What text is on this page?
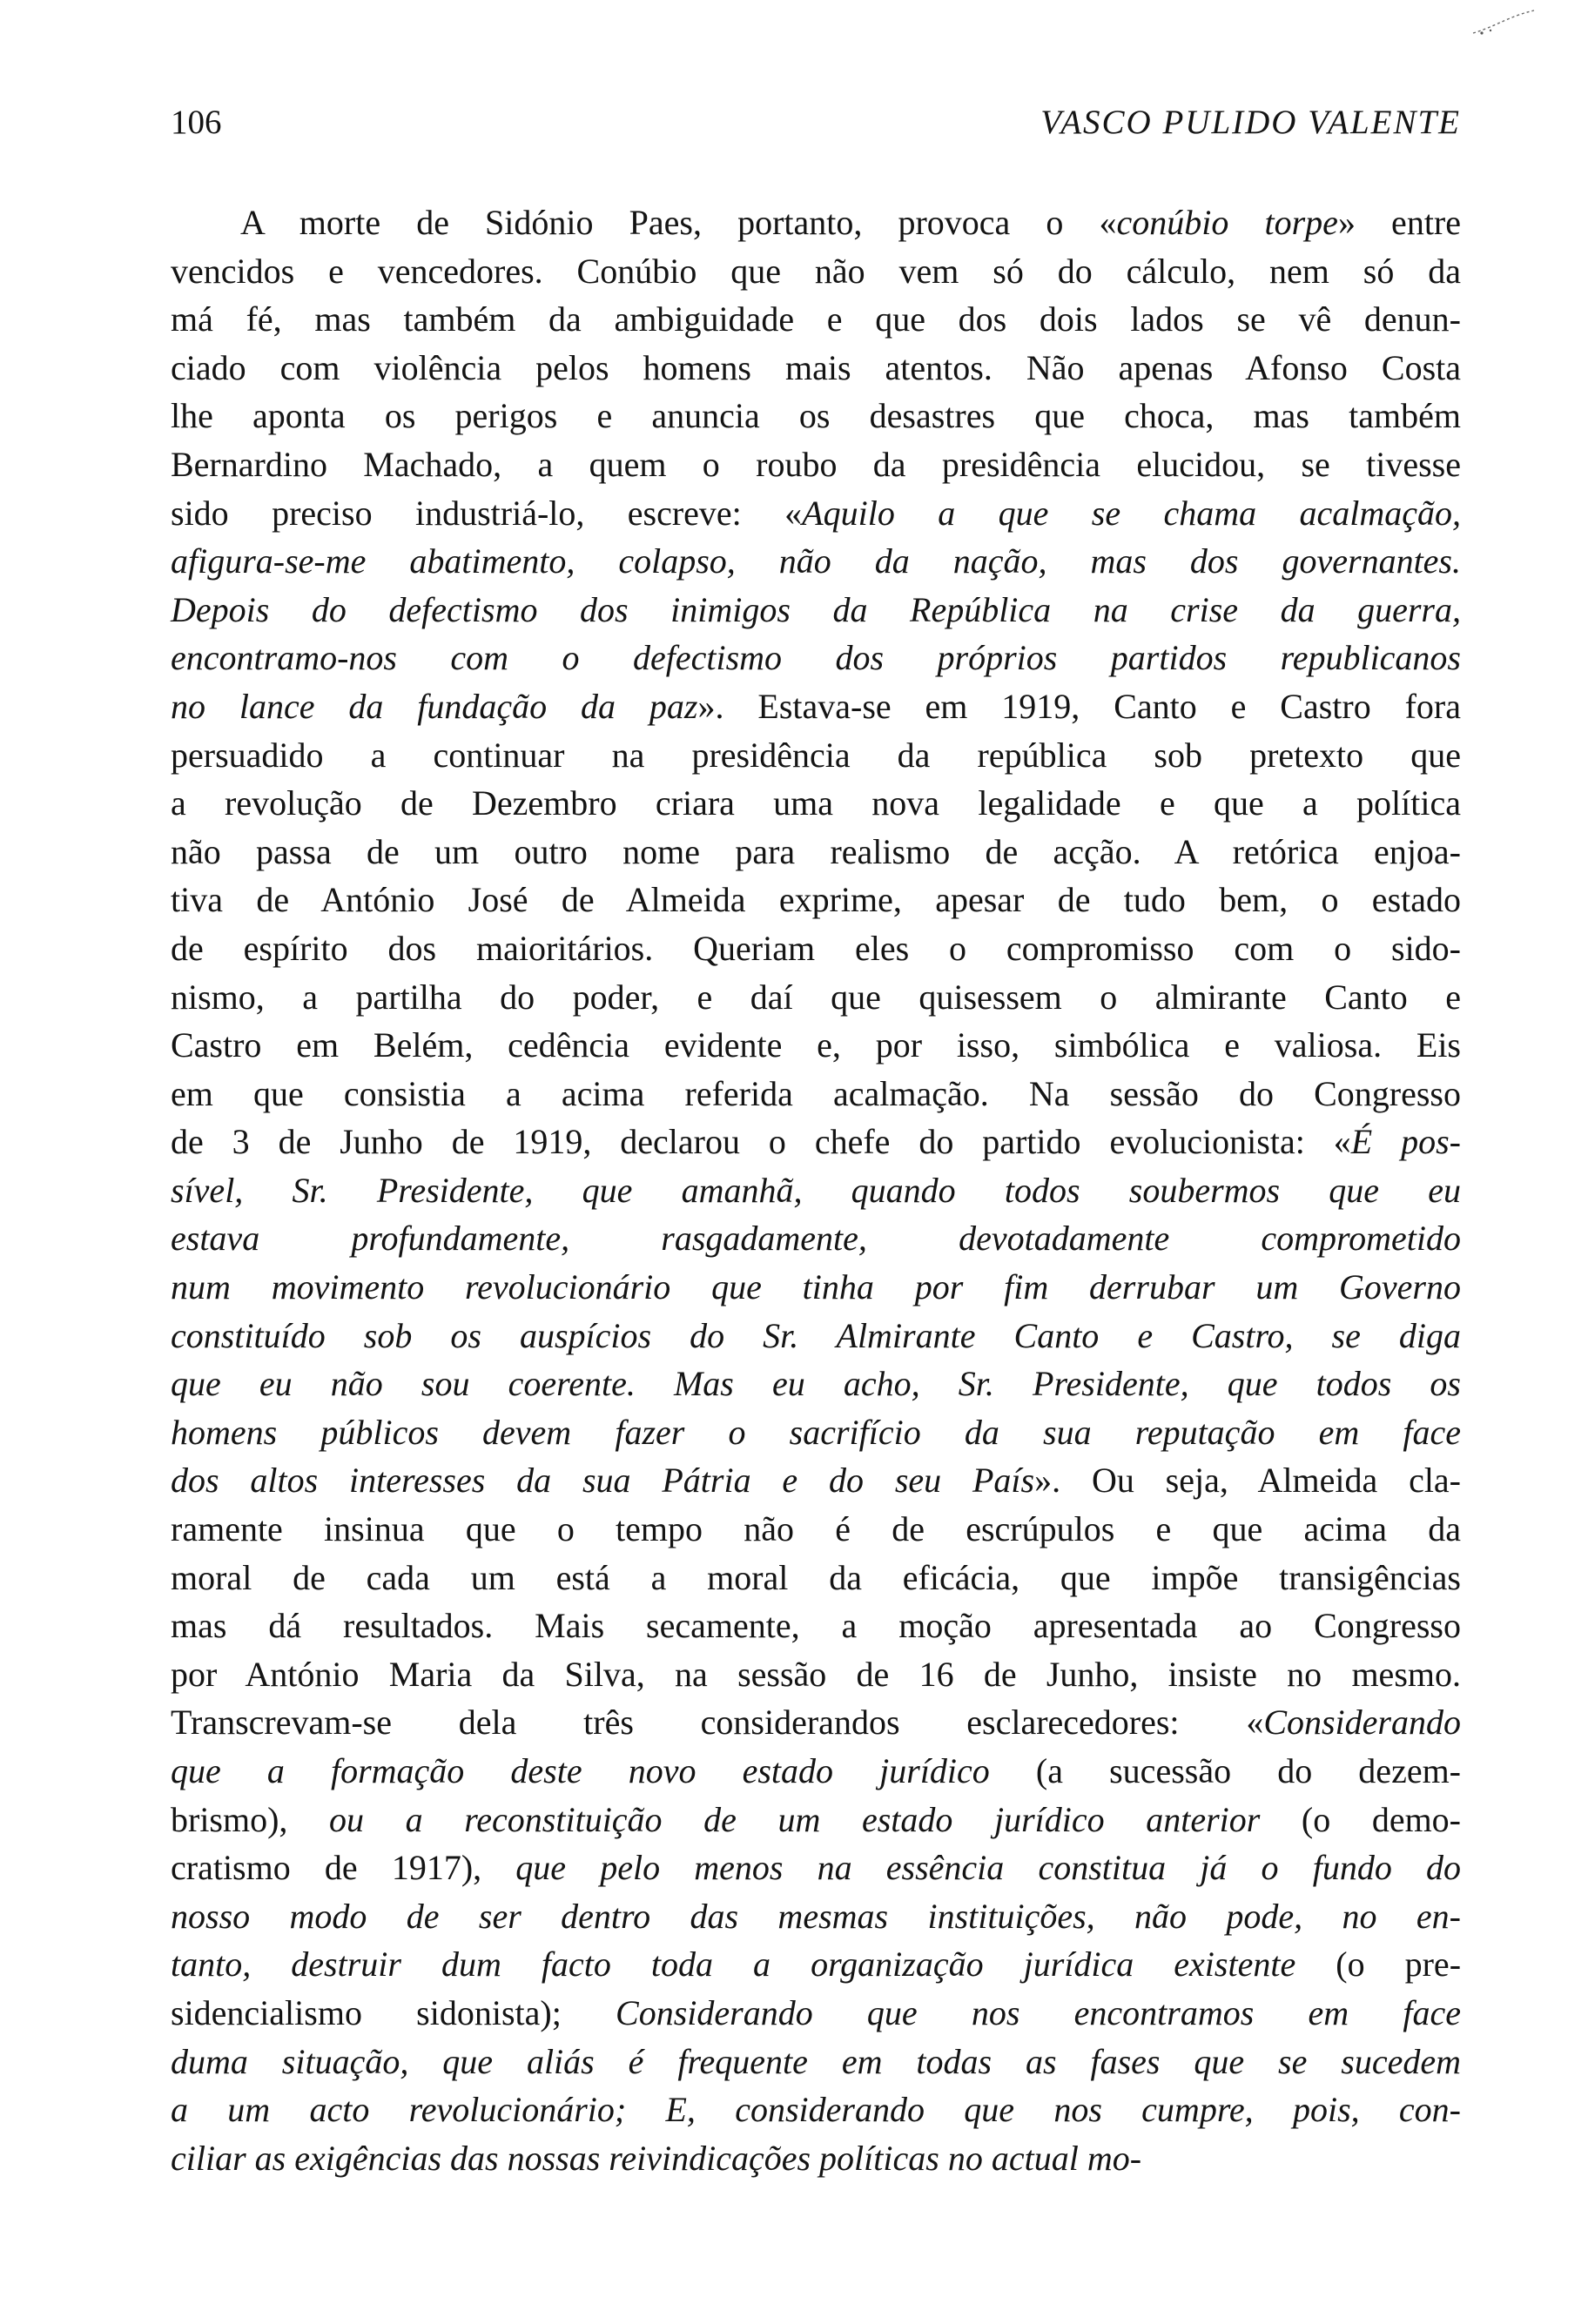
106	VASCO PULIDO VALENTE
A morte de Sidónio Paes, portanto, provoca o «conúbio torpe» entre
vencidos e vencedores. Conúbio que não vem só do cálculo, nem só da
má fé, mas também da ambiguidade e que dos dois lados se vê denun-
ciado com violência pelos homens mais atentos. Não apenas Afonso Costa
lhe aponta os perigos e anuncia os desastres que choca, mas também
Bernardino Machado, a quem o roubo da presidência elucidou, se tivesse
sido preciso industriá-lo, escreve: «Aquilo a que se chama acalmação,
afigura-se-me abatimento, colapso, não da nação, mas dos governantes.
Depois do defectismo dos inimigos da República na crise da guerra,
encontramo-nos com o defectismo dos próprios partidos republicanos
no lance da fundação da paz». Estava-se em 1919, Canto e Castro fora
persuadido a continuar na presidência da república sob pretexto que
a revolução de Dezembro criara uma nova legalidade e que a política
não passa de um outro nome para realismo de acção. A retórica enjoa-
tiva de António José de Almeida exprime, apesar de tudo bem, o estado
de espírito dos maioritários. Queriam eles o compromisso com o sido-
nismo, a partilha do poder, e daí que quisessem o almirante Canto e
Castro em Belém, cedência evidente e, por isso, simbólica e valiosa. Eis
em que consistia a acima referida acalmação. Na sessão do Congresso
de 3 de Junho de 1919, declarou o chefe do partido evolucionista: «É pos-
sível, Sr. Presidente, que amanhã, quando todos soubermos que eu
estava profundamente, rasgadamente, devotadamente comprometido
num movimento revolucionário que tinha por fim derrubar um Governo
constituído sob os auspícios do Sr. Almirante Canto e Castro, se diga
que eu não sou coerente. Mas eu acho, Sr. Presidente, que todos os
homens públicos devem fazer o sacrifício da sua reputação em face
dos altos interesses da sua Pátria e do seu País». Ou seja, Almeida cla-
ramente insinua que o tempo não é de escrúpulos e que acima da
moral de cada um está a moral da eficácia, que impõe transigências
mas dá resultados. Mais secamente, a moção apresentada ao Congresso
por António Maria da Silva, na sessão de 16 de Junho, insiste no mesmo.
Transcrevam-se dela três considerandos esclarecedores: «Considerando
que a formação deste novo estado jurídico (a sucessão do dezem-
brismo), ou a reconstituição de um estado jurídico anterior (o demo-
cratismo de 1917), que pelo menos na essência constitua já o fundo do
nosso modo de ser dentro das mesmas instituições, não pode, no en-
tanto, destruir dum facto toda a organização jurídica existente (o pre-
sidencialismo sidonista); Considerando que nos encontramos em face
duma situação, que aliás é frequente em todas as fases que se sucedem
a um acto revolucionário; E, considerando que nos cumpre, pois, con-
ciliar as exigências das nossas reivindicações políticas no actual mo-
